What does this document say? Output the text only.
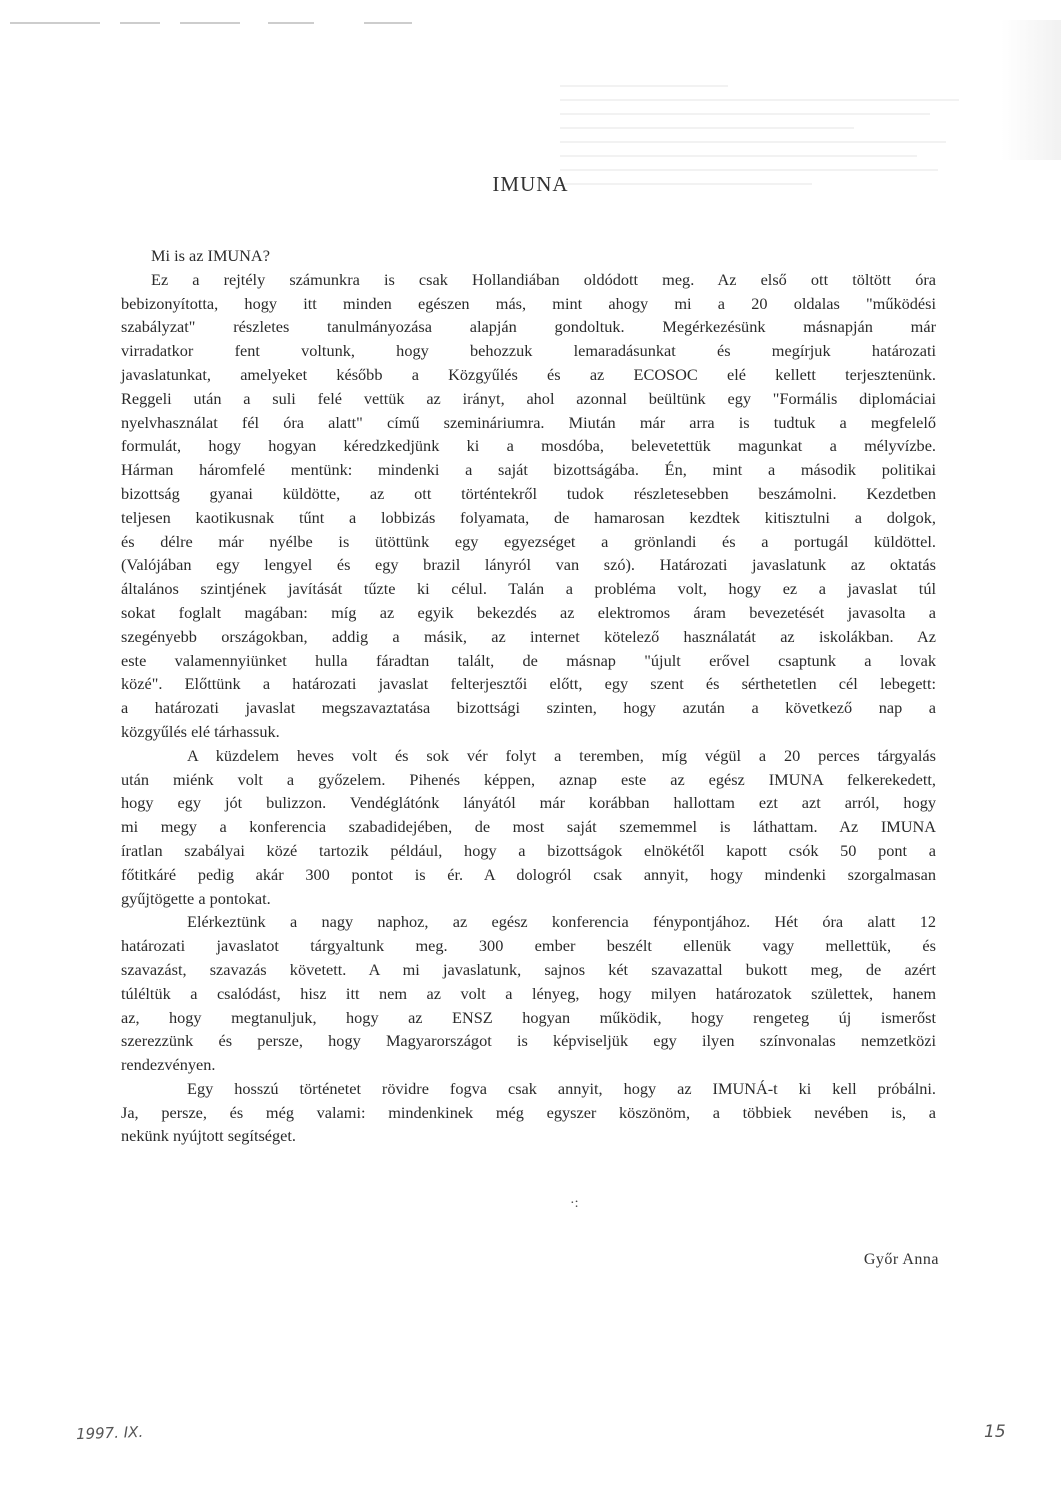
IMUNA
Mi is az IMUNA?
Ez a rejtély számunkra is csak Hollandiában oldódott meg. Az első ott töltött óra
bebizonyította, hogy itt minden egészen más, mint ahogy mi a 20 oldalas "működési
szabályzat" részletes tanulmányozása alapján gondoltuk. Megérkezésünk másnapján már
virradatkor fent voltunk, hogy behozzuk lemaradásunkat és megírjuk határozati
javaslatunkat, amelyeket később a Közgyűlés és az ECOSOC elé kellett terjesztenünk.
Reggeli után a suli felé vettük az irányt, ahol azonnal beültünk egy "Formális diplomáciai
nyelvhasználat fél óra alatt" című szemináriumra. Miután már arra is tudtuk a megfelelő
formulát, hogy hogyan kéredzkedjünk ki a mosdóba, belevetettük magunkat a mélyvízbe.
Hárman háromfelé mentünk: mindenki a saját bizottságába. Én, mint a második politikai
bizottság gyanai küldötte, az ott történtekről tudok részletesebben beszámolni. Kezdetben
teljesen kaotikusnak tűnt a lobbizás folyamata, de hamarosan kezdtek kitisztulni a dolgok,
és délre már nyélbe is ütöttünk egy egyezséget a grönlandi és a portugál küldöttel.
(Valójában egy lengyel és egy brazil lányról van szó). Határozati javaslatunk az oktatás
általános szintjének javítását tűzte ki célul. Talán a probléma volt, hogy ez a javaslat túl
sokat foglalt magában: míg az egyik bekezdés az elektromos áram bevezetését javasolta a
szegényebb országokban, addig a másik, az internet kötelező használatát az iskolákban. Az
este valamennyiünket hulla fáradtan talált, de másnap "újult erővel csaptunk a lovak
közé". Előttünk a határozati javaslat felterjesztői előtt, egy szent és sérthetetlen cél lebegett:
a határozati javaslat megszavaztatása bizottsági szinten, hogy azután a következő nap a
közgyűlés elé tárhassuk.
A küzdelem heves volt és sok vér folyt a teremben, míg végül a 20 perces tárgyalás
után miénk volt a győzelem. Pihenés képpen, aznap este az egész IMUNA felkerekedett,
hogy egy jót bulizzon. Vendéglátónk lányától már korábban hallottam ezt azt arról, hogy
mi megy a konferencia szabadidejében, de most saját szememmel is láthattam. Az IMUNA
íratlan szabályai közé tartozik például, hogy a bizottságok elnökétől kapott csók 50 pont a
főtitkáré pedig akár 300 pontot is ér. A dologról csak annyit, hogy mindenki szorgalmasan
gyűjtögette a pontokat.
Elérkeztünk a nagy naphoz, az egész konferencia fénypontjához. Hét óra alatt 12
határozati javaslatot tárgyaltunk meg. 300 ember beszélt ellenük vagy mellettük, és
szavazást, szavazás követett. A mi javaslatunk, sajnos két szavazattal bukott meg, de azért
túléltük a csalódást, hisz itt nem az volt a lényeg, hogy milyen határozatok születtek, hanem
az, hogy megtanuljuk, hogy az ENSZ hogyan működik, hogy rengeteg új ismerőst
szerezzünk és persze, hogy Magyarországot is képviseljük egy ilyen színvonalas nemzetközi
rendezvényen.
Egy hosszú történetet rövidre fogva csak annyit, hogy az IMUNÁ-t ki kell próbálni.
Ja, persze, és még valami: mindenkinek még egyszer köszönöm, a többiek nevében is, a
nekünk nyújtott segítséget.
·:
Győr Anna
1997. IX.	15
